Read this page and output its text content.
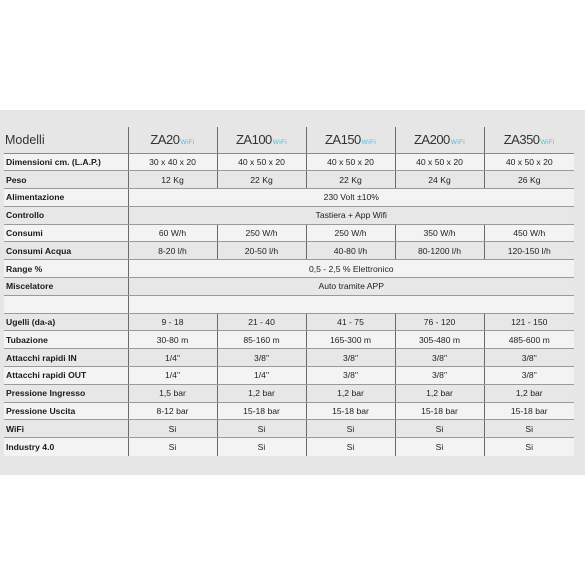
Modelli	ZA20WiFi	ZA100WiFi	ZA150WiFi	ZA200WiFi	ZA350WiFi
Dimensioni cm. (L.A.P.)	30 x 40 x 20	40 x 50 x 20	40 x 50 x 20	40 x 50 x 20	40 x 50 x 20
Peso	12 Kg	22 Kg	22 Kg	24 Kg	26 Kg
Alimentazione	230 Volt ±10%				
Controllo	Tastiera + App Wifi				
Consumi	60 W/h	250 W/h	250 W/h	350 W/h	450 W/h
Consumi Acqua	8-20 l/h	20-50 l/h	40-80 l/h	80-1200 l/h	120-150 l/h
Range %	0,5 - 2,5 % Elettronico				
Miscelatore	Auto tramite APP				

Ugelli (da-a)	9 - 18	21 - 40	41 - 75	76 - 120	121 - 150
Tubazione	30-80 m	85-160 m	165-300 m	305-480 m	485-600 m
Attacchi rapidi IN	1/4"	3/8"	3/8"	3/8"	3/8"
Attacchi rapidi OUT	1/4"	1/4"	3/8"	3/8"	3/8"
Pressione Ingresso	1,5 bar	1,2 bar	1,2 bar	1,2 bar	1,2 bar
Pressione Uscita	8-12 bar	15-18 bar	15-18 bar	15-18 bar	15-18 bar
WiFi	Si	Si	Si	Si	Si
Industry 4.0	Si	Si	Si	Si	Si
